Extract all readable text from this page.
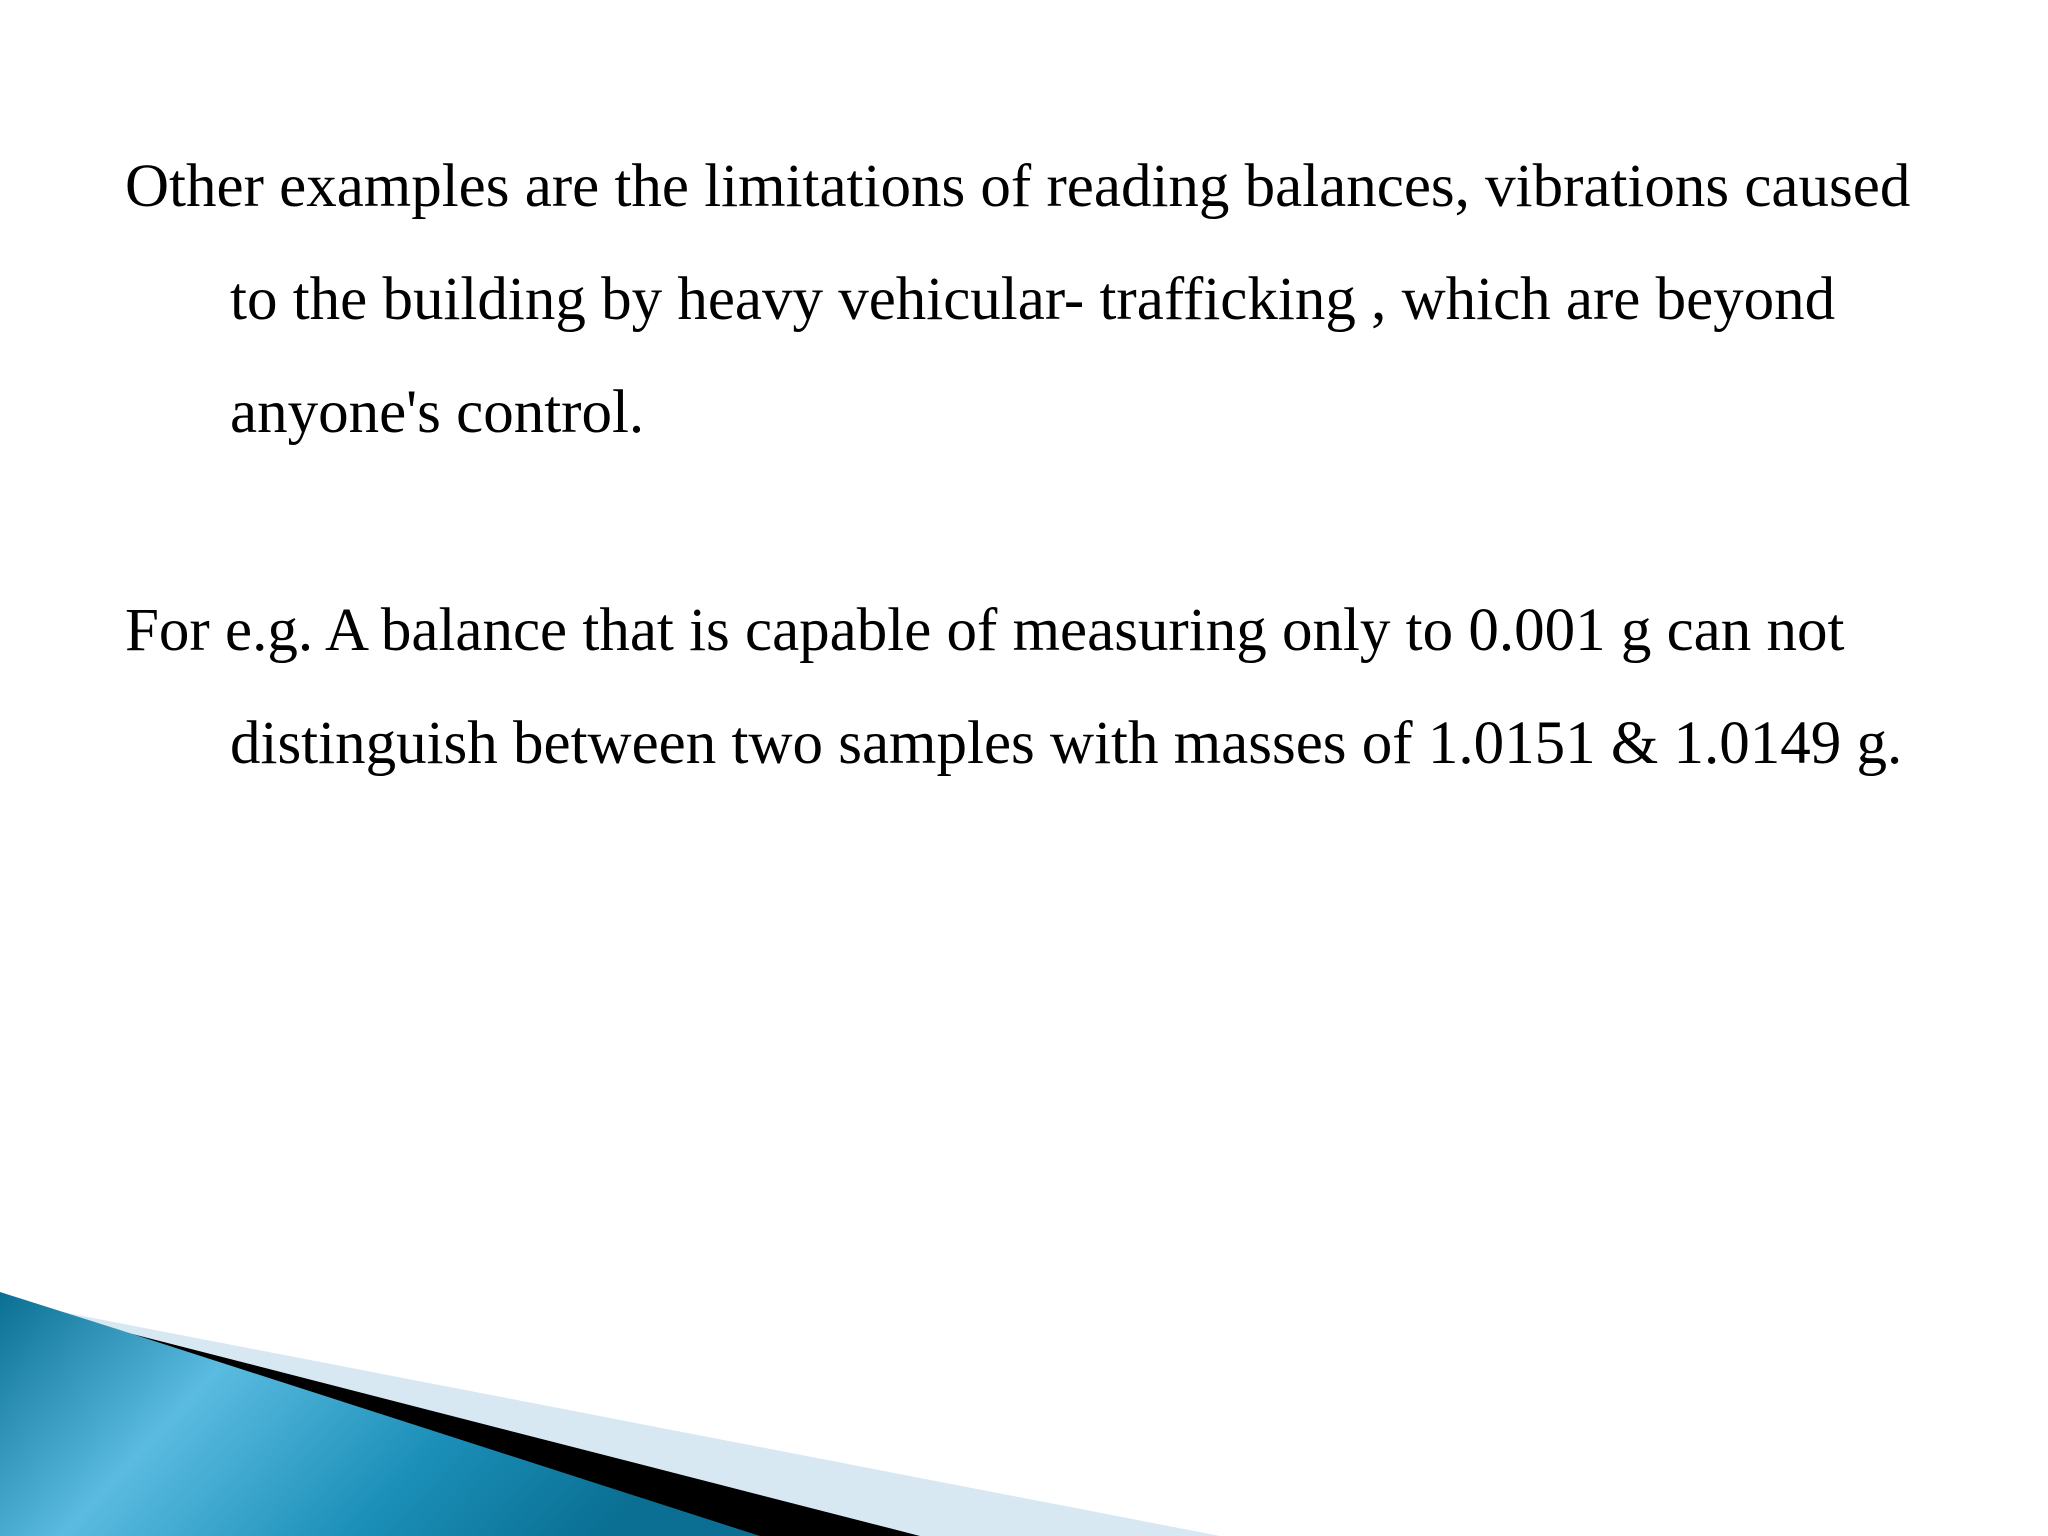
Other examples are the limitations of reading balances, vibrations caused to the building by heavy vehicular- trafficking , which are beyond anyone's control.

For e.g. A balance that is capable of measuring only to 0.001 g can not distinguish between two samples with masses of 1.0151 & 1.0149 g.
